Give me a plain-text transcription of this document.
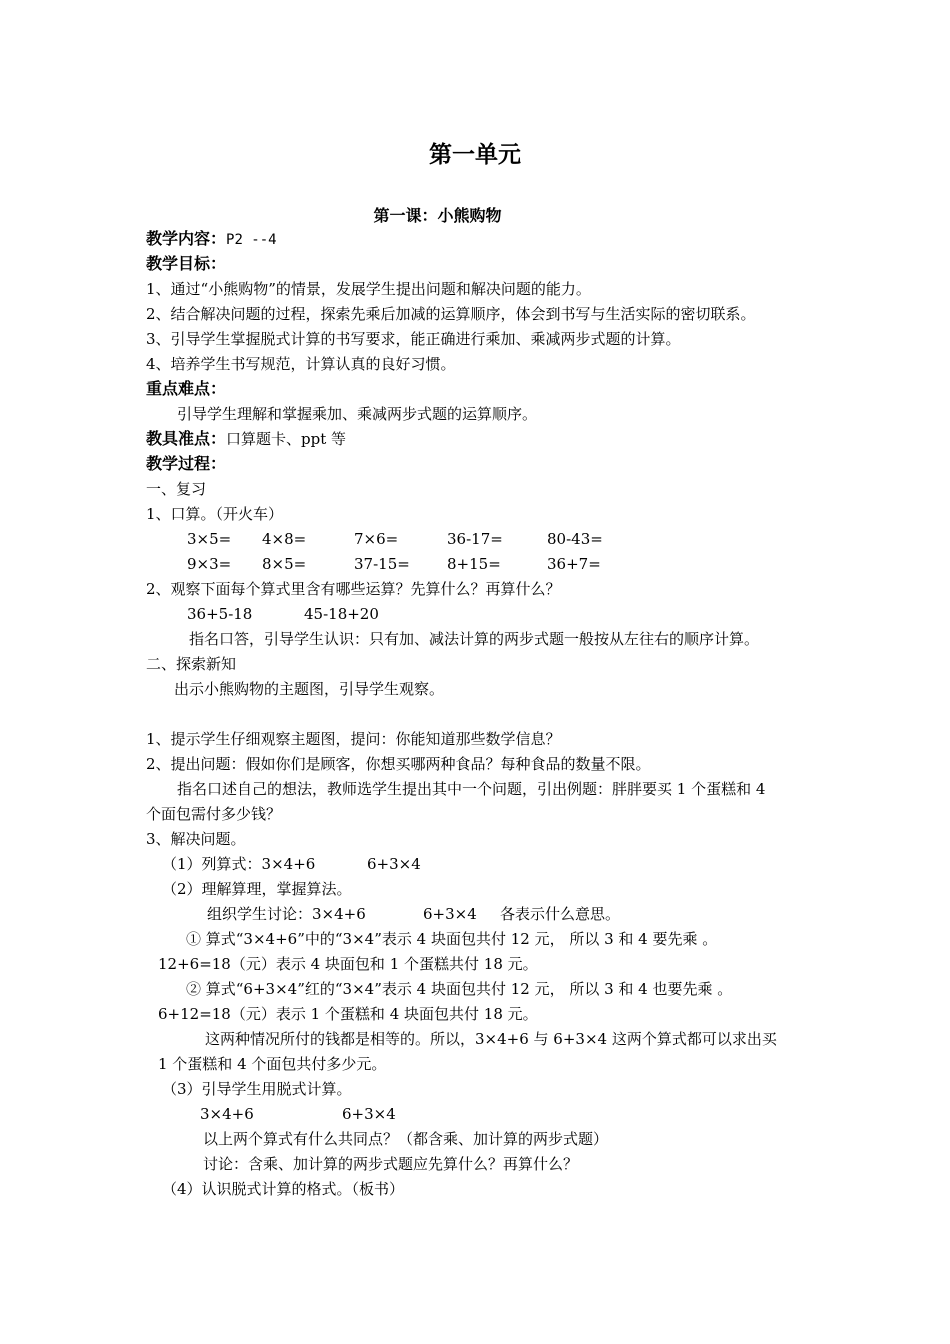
第一单元
第一课：小熊购物
教学内容：P2 --4
教学目标：
1、通过“小熊购物”的情景，发展学生提出问题和解决问题的能力。
2、结合解决问题的过程，探索先乘后加减的运算顺序，体会到书写与生活实际的密切联系。
3、引导学生掌握脱式计算的书写要求，能正确进行乘加、乘减两步式题的计算。
4、培养学生书写规范，计算认真的良好习惯。
重点难点：
引导学生理解和掌握乘加、乘减两步式题的运算顺序。
教具准点：口算题卡、ppt 等
教学过程：
一、复习
1、口算。（开火车）
3×5= 4×8=	7×6=	36-17=	80-43=
9×3= 8×5=	37-15= 8+15=	36+7=
2、观察下面每个算式里含有哪些运算？先算什么？再算什么？
36+5-18	45-18+20
指名口答，引导学生认识：只有加、减法计算的两步式题一般按从左往右的顺序计算。
二、探索新知
出示小熊购物的主题图，引导学生观察。
1、提示学生仔细观察主题图，提问：你能知道那些数学信息？
2、提出问题：假如你们是顾客，你想买哪两种食品？每种食品的数量不限。
指名口述自己的想法，教师选学生提出其中一个问题，引出例题：胖胖要买 1 个蛋糕和 4
个面包需付多少钱？
3、解决问题。
（1）列算式：3×4+6	6+3×4
（2）理解算理，掌握算法。
组织学生讨论：3×4+6	6+3×4 各表示什么意思。
① 算式“3×4+6”中的“3×4”表示 4 块面包共付 12 元， 所以 3 和 4 要先乘 。
12+6=18（元）表示 4 块面包和 1 个蛋糕共付 18 元。
② 算式“6+3×4”红的“3×4”表示 4 块面包共付 12 元， 所以 3 和 4 也要先乘 。
6+12=18（元）表示 1 个蛋糕和 4 块面包共付 18 元。
这两种情况所付的钱都是相等的。所以，3×4+6 与 6+3×4 这两个算式都可以求出买
1 个蛋糕和 4 个面包共付多少元。
（3）引导学生用脱式计算。
3×4+6	6+3×4
以上两个算式有什么共同点？（都含乘、加计算的两步式题）
讨论：含乘、加计算的两步式题应先算什么？再算什么？
（4）认识脱式计算的格式。（板书）
